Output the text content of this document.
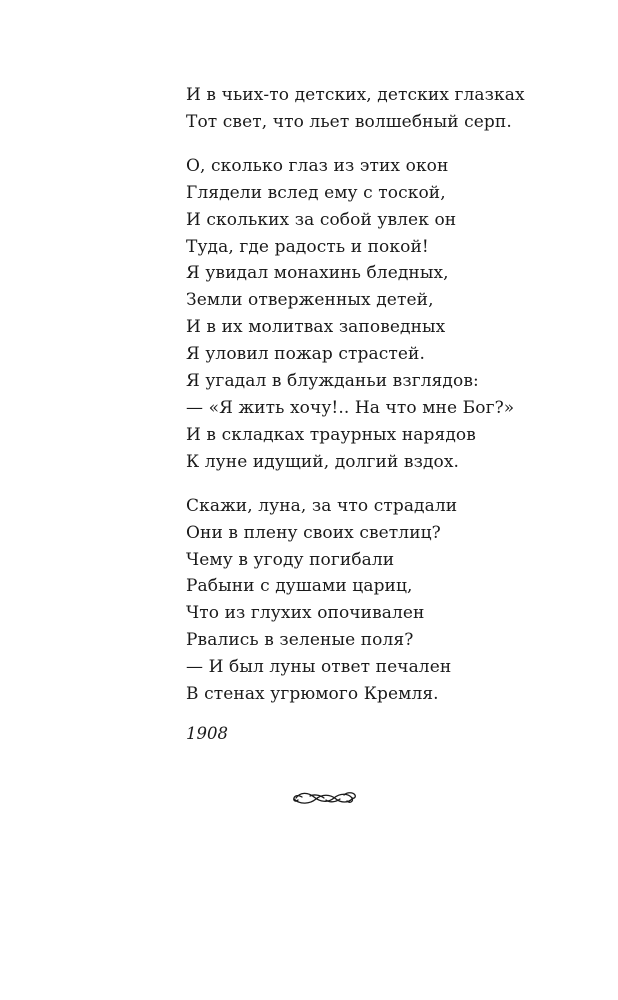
И в чьих-то детских, детских глазках
Тот свет, что льет волшебный серп.
О, сколько глаз из этих окон
Глядели вслед ему с тоской,
И скольких за собой увлек он
Туда, где радость и покой!
Я увидал монахинь бледных,
Земли отверженных детей,
И в их молитвах заповедных
Я уловил пожар страстей.
Я угадал в блужданьи взглядов:
— «Я жить хочу!.. На что мне Бог?»
И в складках траурных нарядов
К луне идущий, долгий вздох.
Скажи, луна, за что страдали
Они в плену своих светлиц?
Чему в угоду погибали
Рабыни с душами цариц,
Что из глухих опочивален
Рвались в зеленые поля?
— И был луны ответ печален
В стенах угрюмого Кремля.
1908
